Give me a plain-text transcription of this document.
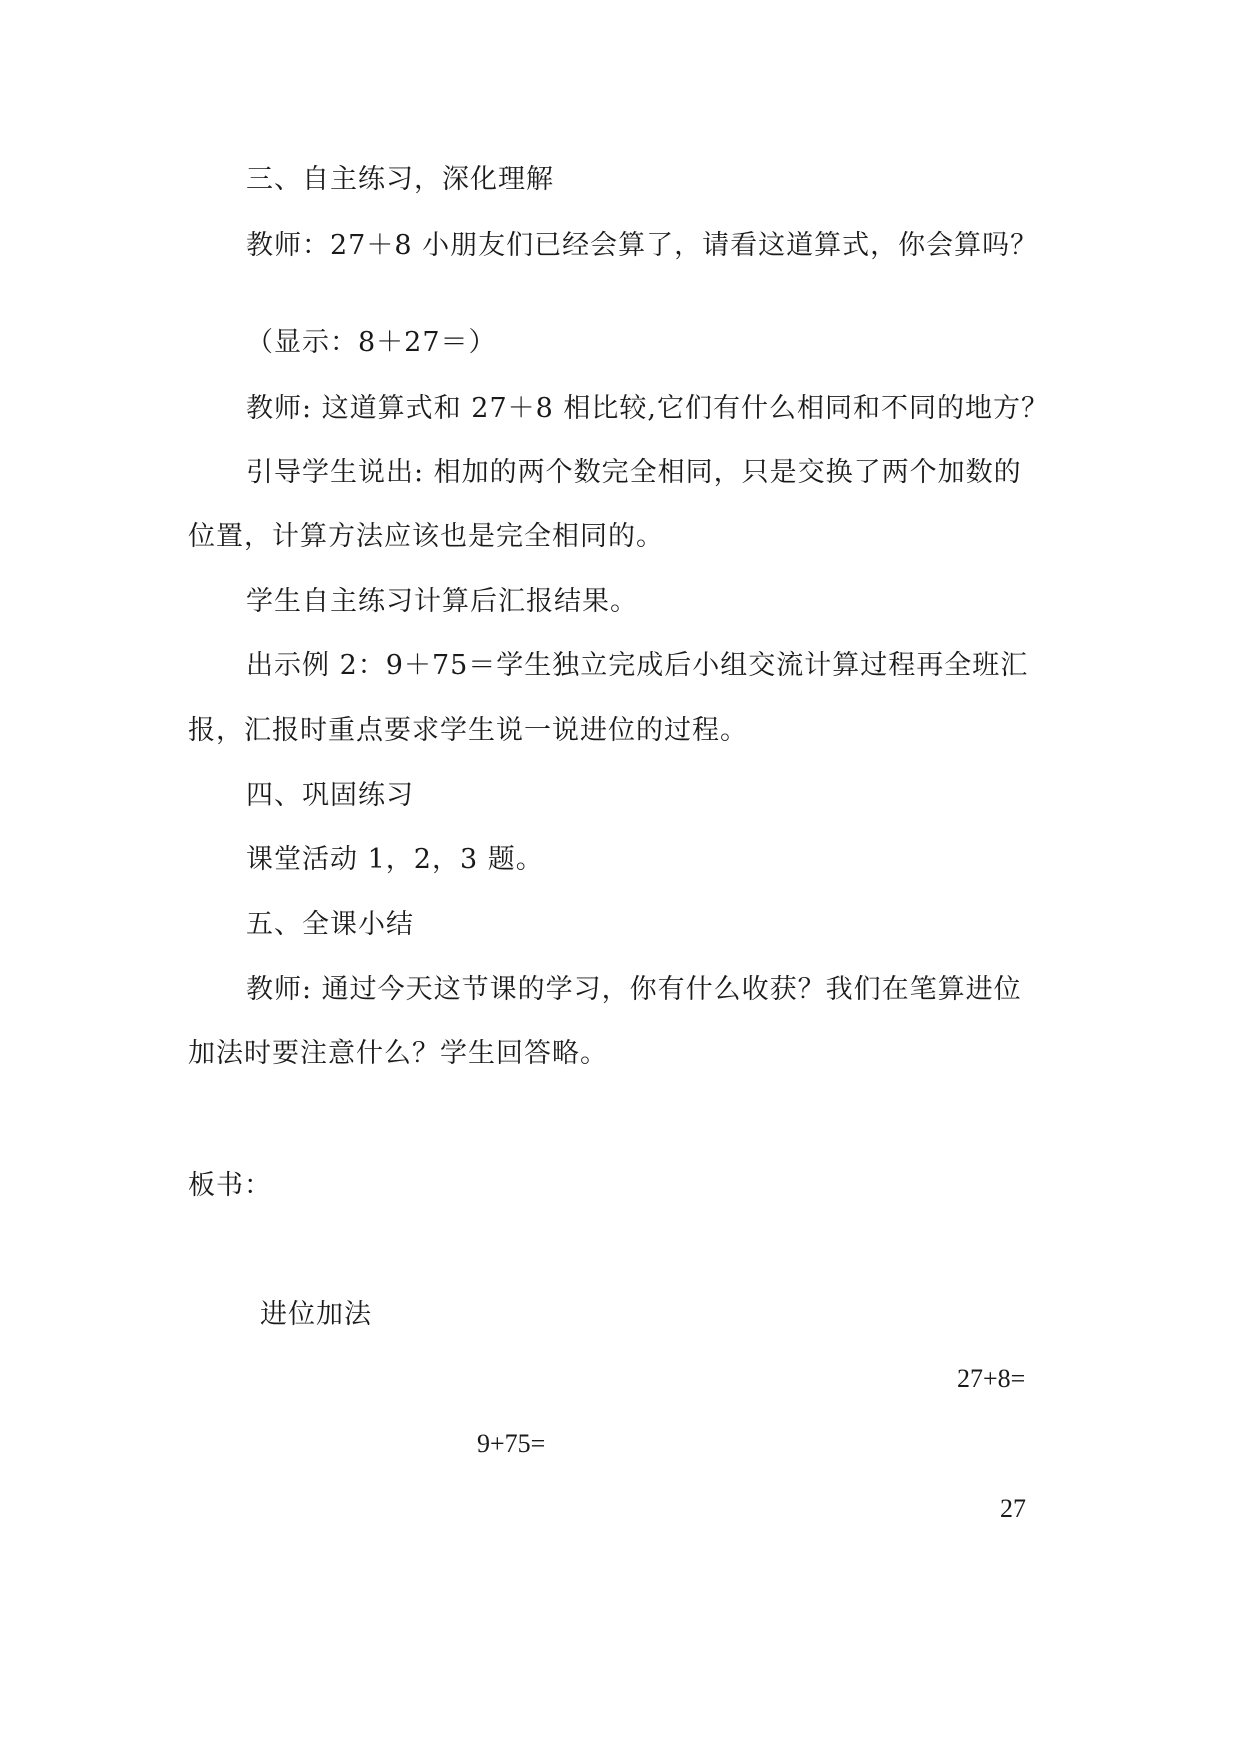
三、自主练习，深化理解
教师：27＋8 小朋友们已经会算了，请看这道算式，你会算吗？
（显示：8＋27＝）
教师: 这道算式和 27＋8 相比较,它们有什么相同和不同的地方？
引导学生说出: 相加的两个数完全相同，只是交换了两个加数的
位置，计算方法应该也是完全相同的。
学生自主练习计算后汇报结果。
出示例 2：9＋75＝学生独立完成后小组交流计算过程再全班汇
报，汇报时重点要求学生说一说进位的过程。
四、巩固练习
课堂活动 1，2，3 题。
五、全课小结
教师: 通过今天这节课的学习，你有什么收获？我们在笔算进位
加法时要注意什么？学生回答略。
板书：
进位加法
27+8=
9+75=
27
